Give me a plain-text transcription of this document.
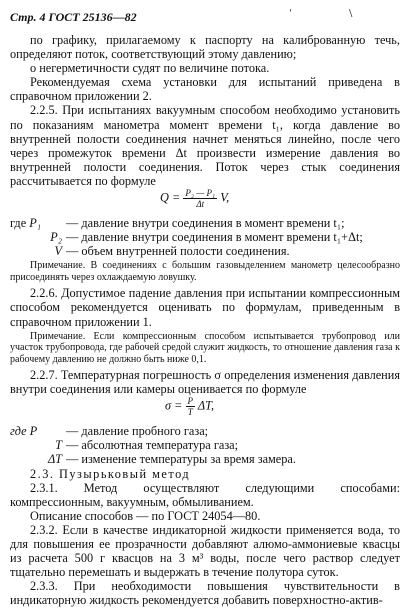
Стр. 4 ГОСТ 25136—82	'	\

по графику, прилагаемому к паспорту на калиброванную течь, определяют поток, соответствующий этому давлению;

о негерметичности судят по величине потока.

Рекомендуемая схема установки для испытаний приведена в справочном приложении 2.

2.2.5. При испытаниях вакуумным способом необходимо установить по показаниям манометра момент времени t₁, когда давление во внутренней полости соединения начнет меняться линейно, после чего через промежуток времени Δt произвести измерение давления во внутренней полости соединения. Поток через стык соединения рассчитывается по формуле

$Q = \frac{\text{P₂ — P₁}}{\Delta t} V$,
где P₁	— давление внутри соединения в момент времени t₁;
P₂ — давление внутри соединения в момент времени t₁+Δt;
V — объем внутренней полости соединения.

Примечание. В соединениях с большим газовыделением манометр целесообразно присоединять через охлаждаемую ловушку.

2.2.6. Допустимое падение давления при испытании компрессионным способом рекомендуется оценивать по формулам, приведенным в справочном приложении 1.

Примечание. Если компрессионным способом испытывается трубопровод или участок трубопровода, где рабочей средой служит жидкость, то отношение давления газа к рабочему давлению не должно быть ниже 0,1.

2.2.7. Температурная погрешность σ определения изменения давления внутри соединения или камеры оценивается по формуле

$\sigma = \frac{P}{T} \Delta T$,
где P	— давление пробного газа;
T — абсолютная температура газа;
ΔT — изменение температуры за время замера.

2.3. Пузырьковый метод

2.3.1. Метод осуществляют следующими способами: компрессионным, вакуумным, обмыливанием.

Описание способов — по ГОСТ 24054—80.

2.3.2. Если в качестве индикаторной жидкости применяется вода, то для повышения ее прозрачности добавляют алюмо-аммониевые квасцы из расчета 500 г квасцов на 3 м³ воды, после чего раствор следует тщательно перемешать и выдержать в течение полутора суток.

2.3.3. При необходимости повышения чувствительности в индикаторную жидкость рекомендуется добавить поверхностно-актив-
